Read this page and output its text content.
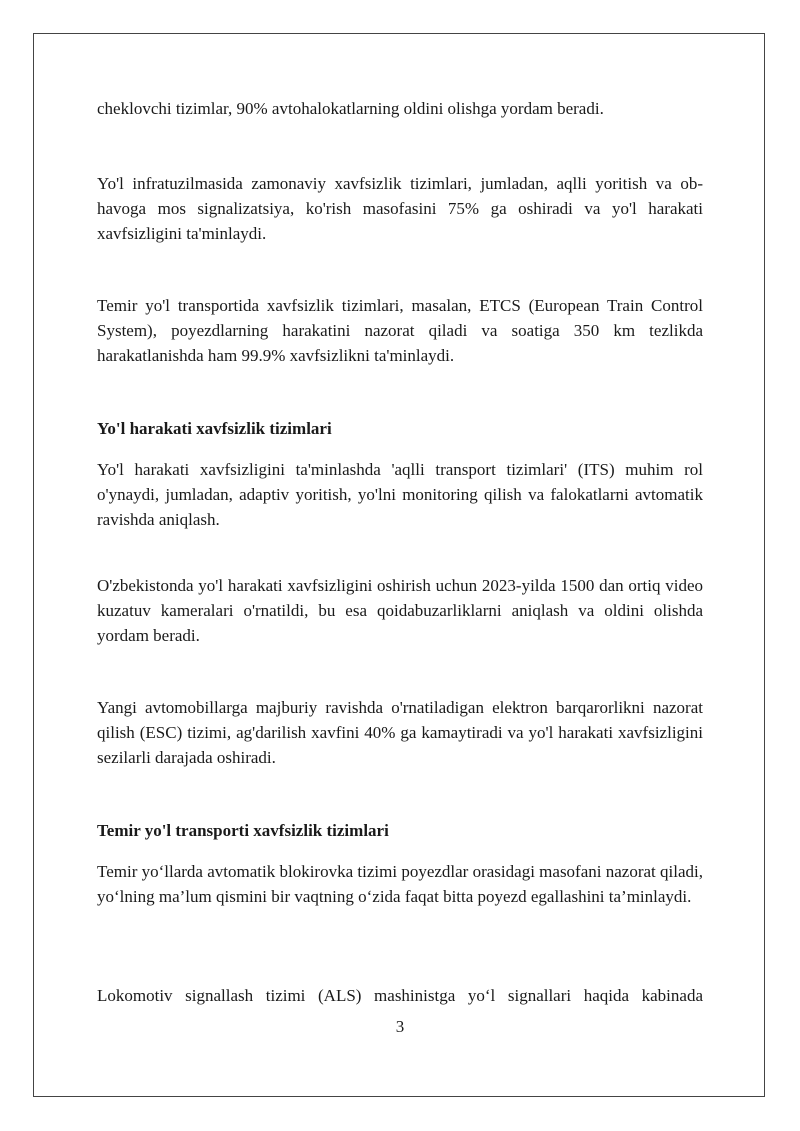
cheklovchi tizimlar, 90% avtohalokatlarning oldini olishga yordam beradi.

Yo'l infratuzilmasida zamonaviy xavfsizlik tizimlari, jumladan, aqlli yoritish va ob-havoga mos signalizatsiya, ko'rish masofasini 75% ga oshiradi va yo'l harakati xavfsizligini ta'minlaydi.

Temir yo'l transportida xavfsizlik tizimlari, masalan, ETCS (European Train Control System), poyezdlarning harakatini nazorat qiladi va soatiga 350 km tezlikda harakatlanishda ham 99.9% xavfsizlikni ta'minlaydi.

Yo'l harakati xavfsizlik tizimlari

Yo'l harakati xavfsizligini ta'minlashda 'aqlli transport tizimlari' (ITS) muhim rol o'ynaydi, jumladan, adaptiv yoritish, yo'lni monitoring qilish va falokatlarni avtomatik ravishda aniqlash.

O'zbekistonda yo'l harakati xavfsizligini oshirish uchun 2023-yilda 1500 dan ortiq video kuzatuv kameralari o'rnatildi, bu esa qoidabuzarliklarni aniqlash va oldini olishda yordam beradi.

Yangi avtomobillarga majburiy ravishda o'rnatiladigan elektron barqarorlikni nazorat qilish (ESC) tizimi, ag'darilish xavfini 40% ga kamaytiradi va yo'l harakati xavfsizligini sezilarli darajada oshiradi.

Temir yo'l transporti xavfsizlik tizimlari

Temir yo‘llarda avtomatik blokirovka tizimi poyezdlar orasidagi masofani nazorat qiladi, yo‘lning ma’lum qismini bir vaqtning o‘zida faqat bitta poyezd egallashini ta’minlaydi.

Lokomotiv signallash tizimi (ALS) mashinistga yo‘l signallari haqida kabinada

3
